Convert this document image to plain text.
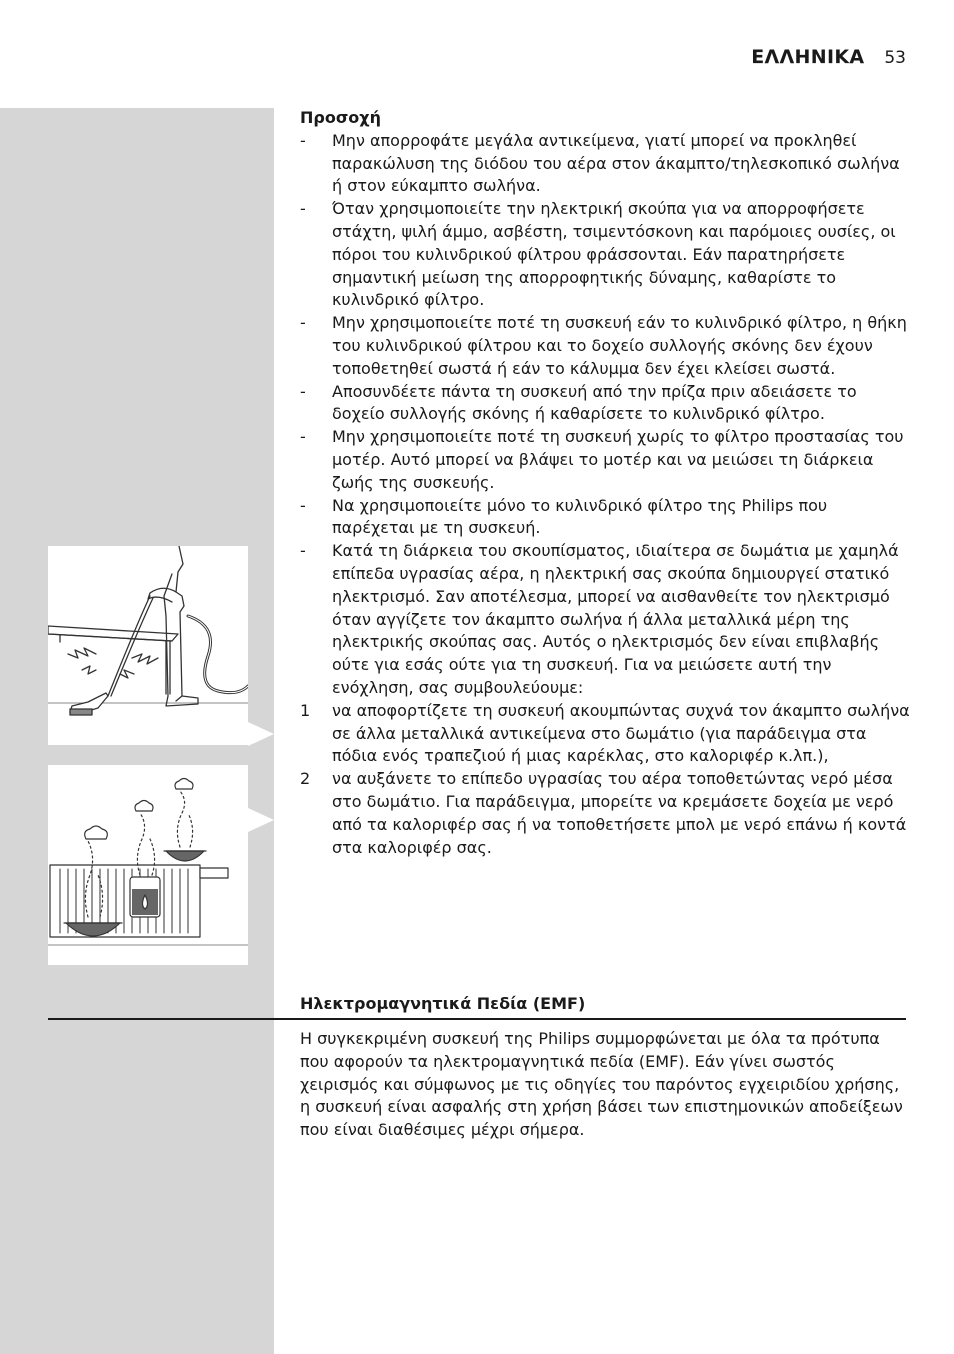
ΕΛΛΗΝΙΚΑ 53

Προσοχή

- Μην απορροφάτε μεγάλα αντικείμενα, γιατί μπορεί να προκληθεί παρακώλυση της διόδου του αέρα στον άκαμπτο/τηλεσκοπικό σωλήνα ή στον εύκαμπτο σωλήνα.
- Όταν χρησιμοποιείτε την ηλεκτρική σκούπα για να απορροφήσετε στάχτη, ψιλή άμμο, ασβέστη, τσιμεντόσκονη και παρόμοιες ουσίες, οι πόροι του κυλινδρικού φίλτρου φράσσονται. Εάν παρατηρήσετε σημαντική μείωση της απορροφητικής δύναμης, καθαρίστε το κυλινδρικό φίλτρο.
- Μην χρησιμοποιείτε ποτέ τη συσκευή εάν το κυλινδρικό φίλτρο, η θήκη του κυλινδρικού φίλτρου και το δοχείο συλλογής σκόνης δεν έχουν τοποθετηθεί σωστά ή εάν το κάλυμμα δεν έχει κλείσει σωστά.
- Αποσυνδέετε πάντα τη συσκευή από την πρίζα πριν αδειάσετε το δοχείο συλλογής σκόνης ή καθαρίσετε το κυλινδρικό φίλτρο.
- Μην χρησιμοποιείτε ποτέ τη συσκευή χωρίς το φίλτρο προστασίας του μοτέρ. Αυτό μπορεί να βλάψει το μοτέρ και να μειώσει τη διάρκεια ζωής της συσκευής.
- Να χρησιμοποιείτε μόνο το κυλινδρικό φίλτρο της Philips που παρέχεται με τη συσκευή.
- Κατά τη διάρκεια του σκουπίσματος, ιδιαίτερα σε δωμάτια με χαμηλά επίπεδα υγρασίας αέρα, η ηλεκτρική σας σκούπα δημιουργεί στατικό ηλεκτρισμό. Σαν αποτέλεσμα, μπορεί να αισθανθείτε τον ηλεκτρισμό όταν αγγίζετε τον άκαμπτο σωλήνα ή άλλα μεταλλικά μέρη της ηλεκτρικής σκούπας σας. Αυτός ο ηλεκτρισμός δεν είναι επιβλαβής ούτε για εσάς ούτε για τη συσκευή. Για να μειώσετε αυτή την ενόχληση, σας συμβουλεύουμε:
1 να αποφορτίζετε τη συσκευή ακουμπώντας συχνά τον άκαμπτο σωλήνα σε άλλα μεταλλικά αντικείμενα στο δωμάτιο (για παράδειγμα στα πόδια ενός τραπεζιού ή μιας καρέκλας, στο καλοριφέρ κ.λπ.),
2 να αυξάνετε το επίπεδο υγρασίας του αέρα τοποθετώντας νερό μέσα στο δωμάτιο. Για παράδειγμα, μπορείτε να κρεμάσετε δοχεία με νερό από τα καλοριφέρ σας ή να τοποθετήσετε μπολ με νερό επάνω ή κοντά στα καλοριφέρ σας.

Ηλεκτρομαγνητικά Πεδία (EMF)

Η συγκεκριμένη συσκευή της Philips συμμορφώνεται με όλα τα πρότυπα που αφορούν τα ηλεκτρομαγνητικά πεδία (EMF). Εάν γίνει σωστός χειρισμός και σύμφωνος με τις οδηγίες του παρόντος εγχειριδίου χρήσης, η συσκευή είναι ασφαλής στη χρήση βάσει των επιστημονικών αποδείξεων που είναι διαθέσιμες μέχρι σήμερα.
